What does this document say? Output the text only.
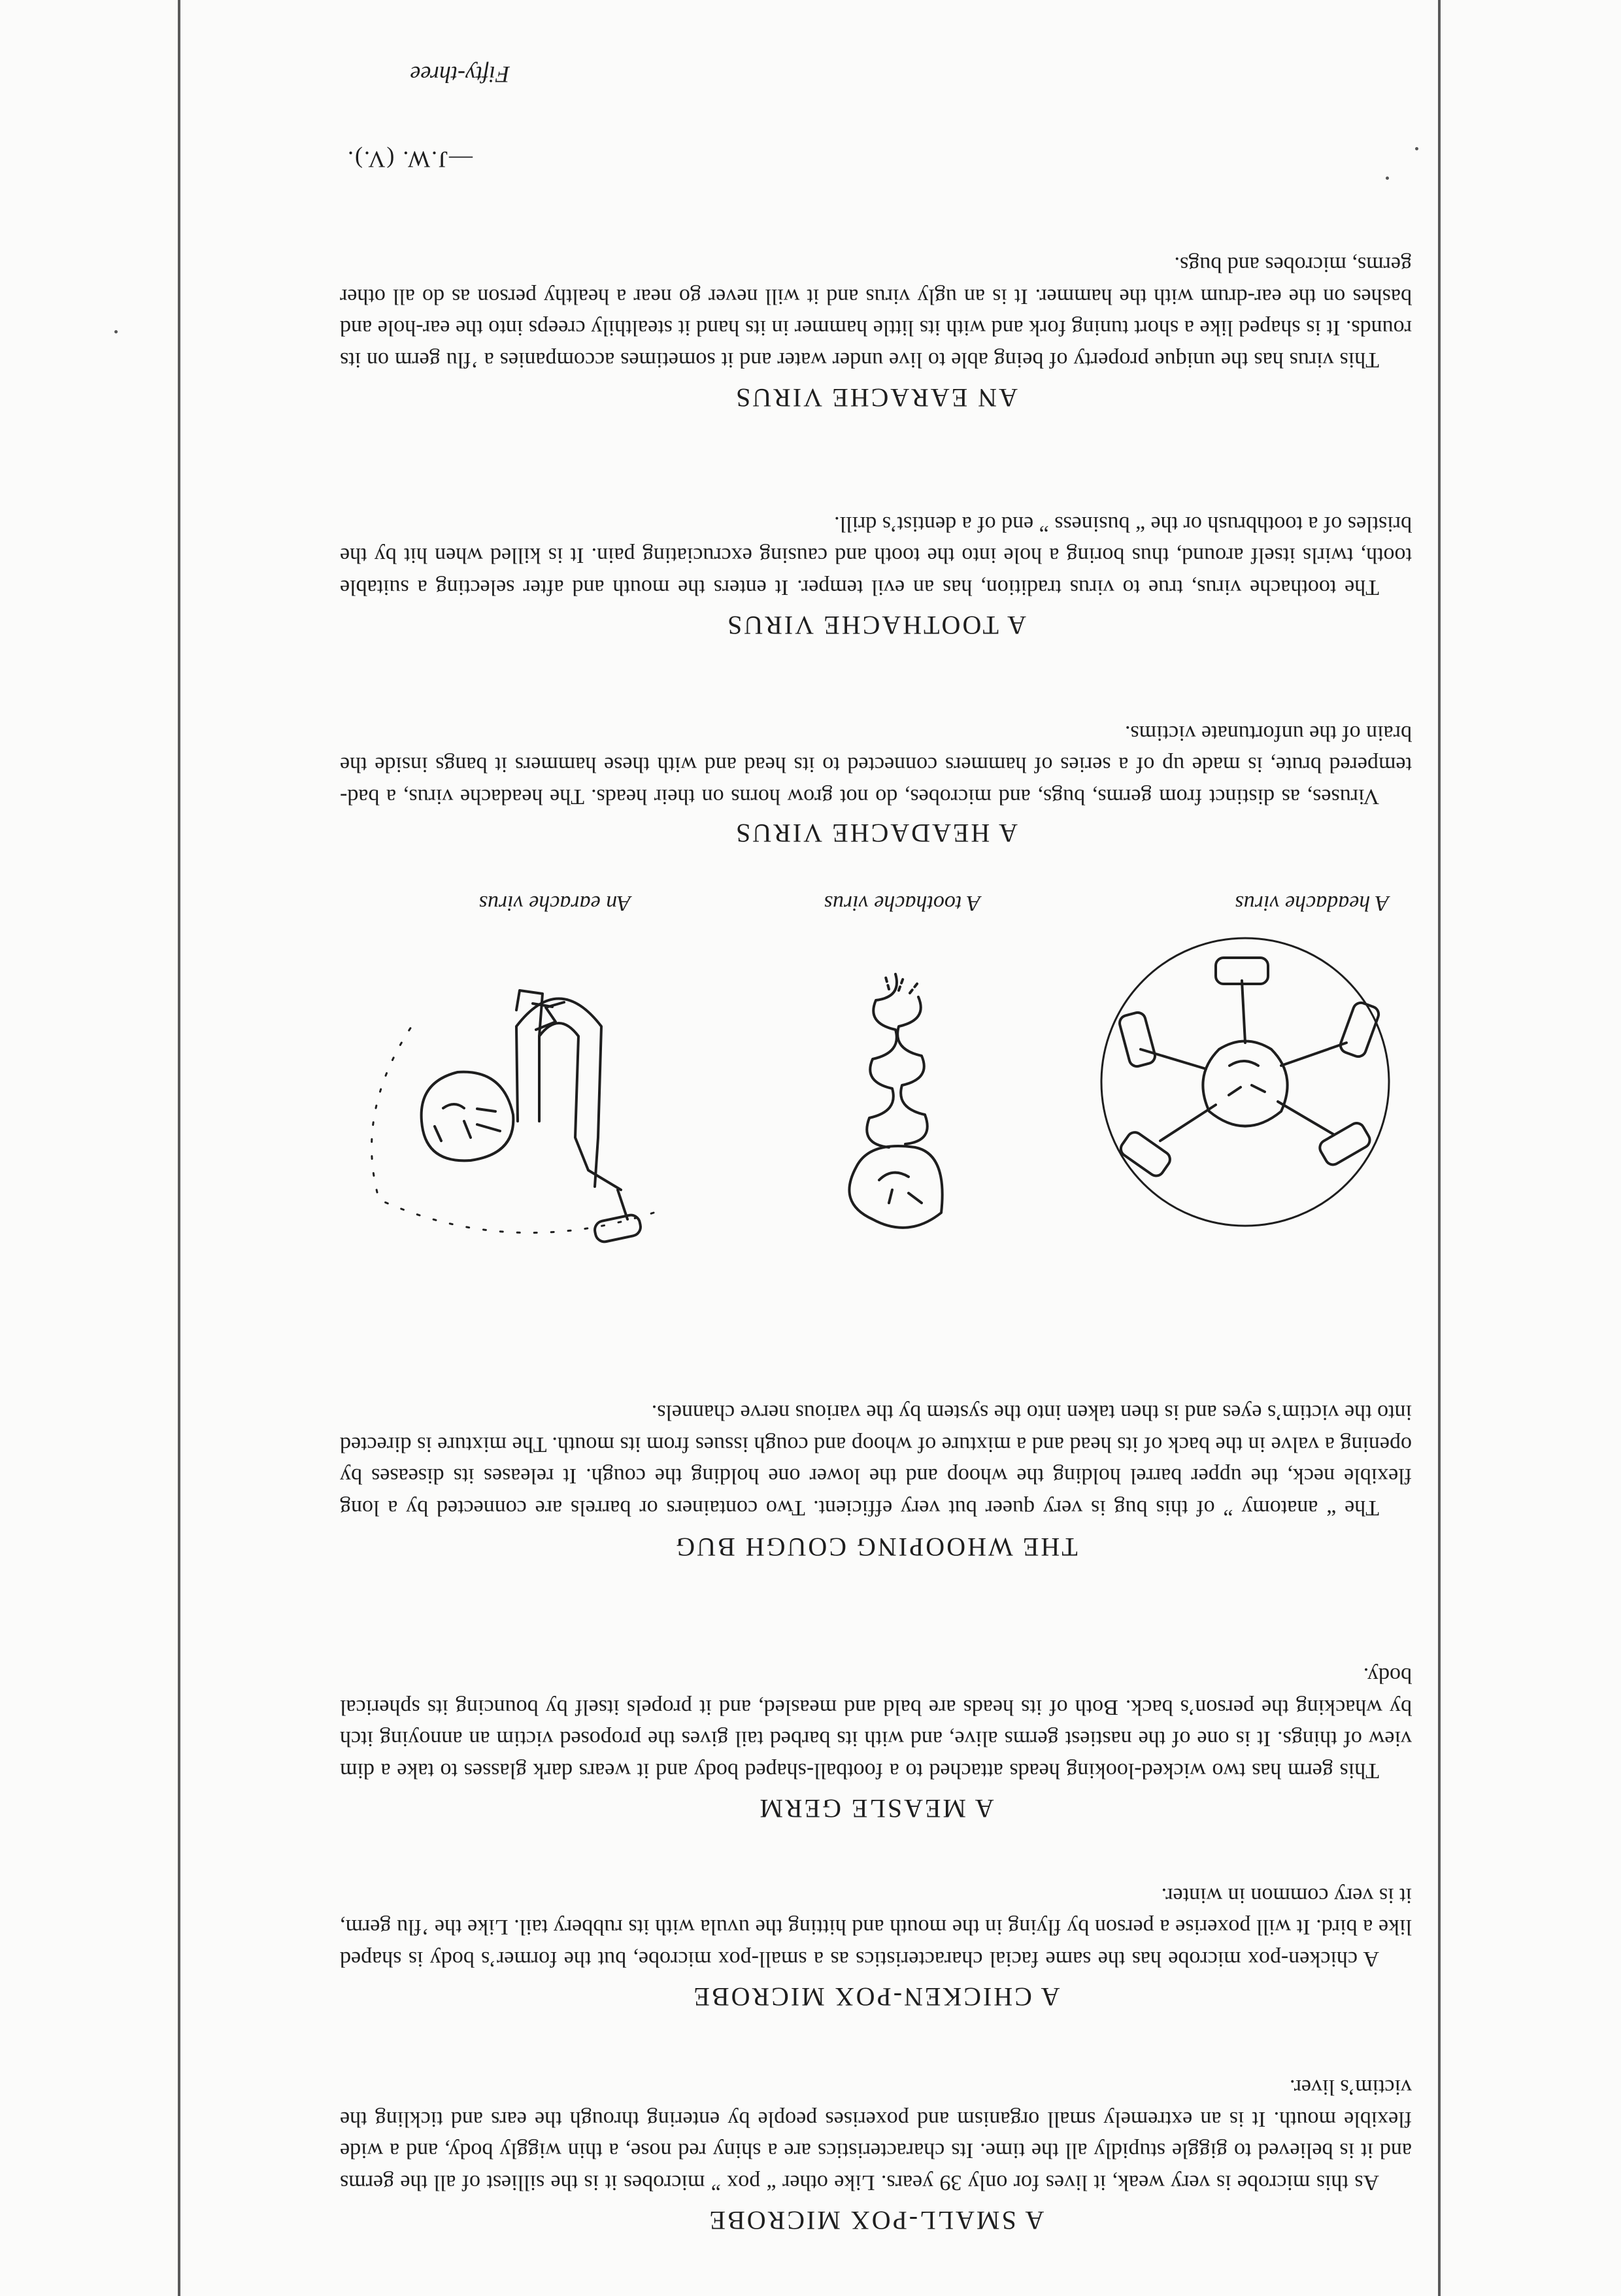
A SMALL-POX MICROBE

As this microbe is very weak, it lives for only 39 years. Like other “ pox ” microbes it is the silliest of all the germs and it is believed to giggle stupidly all the time. Its characteristics are a shiny red nose, a thin wiggly body, and a wide flexible mouth. It is an extremely small organism and poxerises people by entering through the ears and tickling the victim’s liver.

A CHICKEN-POX MICROBE

A chicken-pox microbe has the same facial characteristics as a small-pox microbe, but the former’s body is shaped like a bird. It will poxerise a person by flying in the mouth and hitting the uvula with its rubbery tail. Like the ’flu germ, it is very common in winter.

A MEASLE GERM

This germ has two wicked-looking heads attached to a football-shaped body and it wears dark glasses to take a dim view of things. It is one of the nastiest germs alive, and with its barbed tail gives the proposed victim an annoying itch by whacking the person’s back. Both of its heads are bald and measled, and it propels itself by bouncing its spherical body.

THE WHOOPING COUGH BUG

The “ anatomy ” of this bug is very queer but very efficient. Two containers or barrels are connected by a long flexible neck, the upper barrel holding the whoop and the lower one holding the cough. It releases its diseases by opening a valve in the back of its head and a mixture of whoop and cough issues from its mouth. The mixture is directed into the victim’s eyes and is then taken into the system by the various nerve channels.

An earache virus	A toothache virus	A headache virus

A HEADACHE VIRUS

Viruses, as distinct from germs, bugs, and microbes, do not grow horns on their heads. The headache virus, a bad-tempered brute, is made up of a series of hammers connected to its head and with these hammers it bangs inside the brain of the unfortunate victims.

A TOOTHACHE VIRUS

The toothache virus, true to virus tradition, has an evil temper. It enters the mouth and after selecting a suitable tooth, twirls itself around, thus boring a hole into the tooth and causing excruciating pain. It is killed when hit by the bristles of a toothbrush or the “ business ” end of a dentist’s drill.

AN EARACHE VIRUS

This virus has the unique property of being able to live under water and it sometimes accompanies a ’flu germ on its rounds. It is shaped like a short tuning fork and with its little hammer in its hand it stealthily creeps into the ear-hole and bashes on the ear-drum with the hammer. It is an ugly virus and it will never go near a healthy person as do all other germs, microbes and bugs.

—J.W. (V.).

Fifty-three
